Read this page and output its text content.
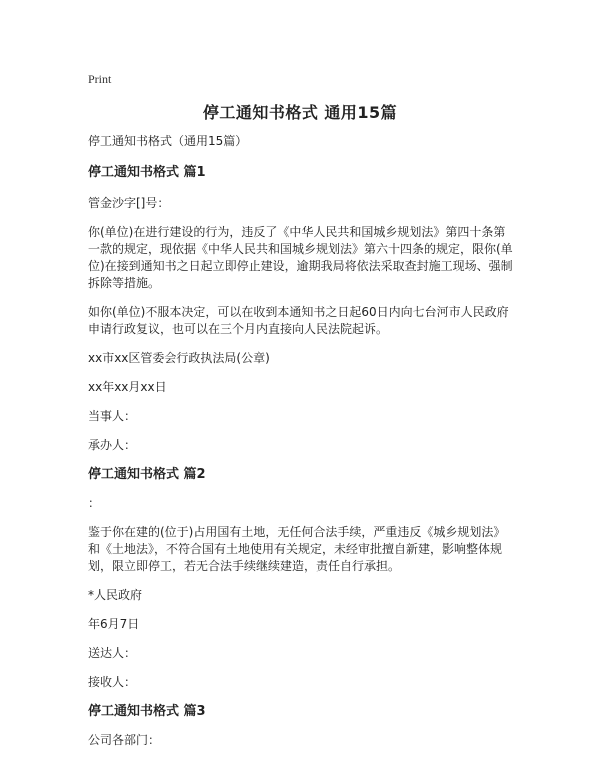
Print
停工通知书格式 通用15篇

停工通知书格式（通用15篇）

停工通知书格式 篇1

管金沙字[]号：

你(单位)在进行建设的行为，违反了《中华人民共和国城乡规划法》第四十条第一款的规定，现依据《中华人民共和国城乡规划法》第六十四条的规定，限你(单位)在接到通知书之日起立即停止建设，逾期我局将依法采取查封施工现场、强制拆除等措施。

如你(单位)不服本决定，可以在收到本通知书之日起60日内向七台河市人民政府申请行政复议，也可以在三个月内直接向人民法院起诉。

xx市xx区管委会行政执法局(公章)

xx年xx月xx日

当事人：

承办人：

停工通知书格式 篇2

：

鉴于你在建的(位于)占用国有土地，无任何合法手续，严重违反《城乡规划法》和《土地法》，不符合国有土地使用有关规定，未经审批擅自新建，影响整体规划，限立即停工，若无合法手续继续建造，责任自行承担。

*人民政府

年6月7日

送达人：

接收人：

停工通知书格式 篇3

公司各部门：
